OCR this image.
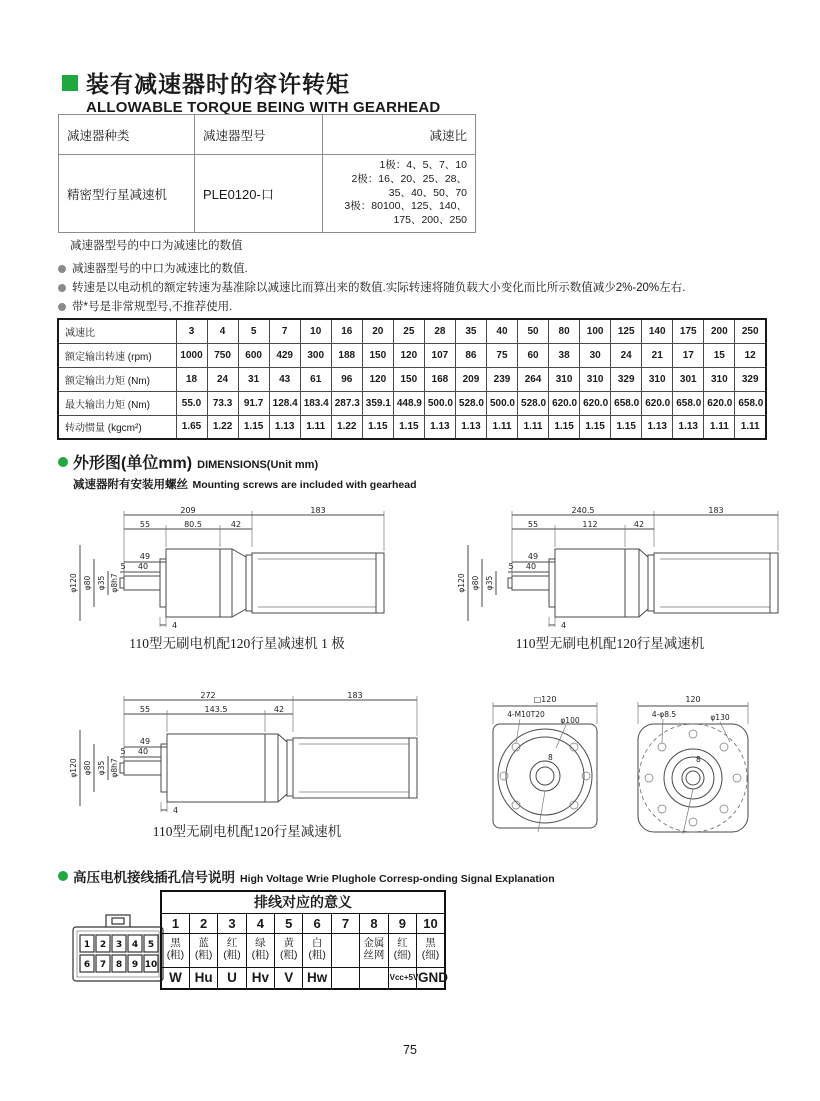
装有减速器时的容许转矩
ALLOWABLE TORQUE BEING WITH GEARHEAD
减速器种类	减速器型号	减速比
精密型行星减速机	PLE0120-口	1极：4、5、7、10
2极：16、20、25、28、
35、40、50、70
3极：80100、125、140、
175、200、250
减速器型号的中口为减速比的数值
减速器型号的中口为减速比的数值.
转速是以电动机的额定转速为基准除以减速比而算出来的数值.实际转速将随负载大小变化而比所示数值减少2%-20%左右.
带*号是非常规型号,不推荐使用.
减速比	3	4	5	7	10	16	20	25	28	35	40	50	80	100	125	140	175	200	250
额定输出转速 (rpm)	1000	750	600	429	300	188	150	120	107	86	75	60	38	30	24	21	17	15	12
额定输出力矩 (Nm)	18	24	31	43	61	96	120	150	168	209	239	264	310	310	329	310	301	310	329
最大输出力矩 (Nm)	55.0	73.3	91.7	128.4	183.4	287.3	359.1	448.9	500.0	528.0	500.0	528.0	620.0	620.0	658.0	620.0	658.0	620.0	658.0
转动惯量 (kgcm²)	1.65	1.22	1.15	1.13	1.11	1.22	1.15	1.15	1.13	1.13	1.11	1.11	1.15	1.15	1.15	1.13	1.13	1.11	1.11
外形图(单位mm) DIMENSIONS(Unit mm)
减速器附有安装用螺丝 Mounting screws are included with gearhead
209	183
55	80.5	42
49
5 40
4
φ120 φ80 φ35 φ8h7
110型无刷电机配120行星减速机 1 极
240.5	183
55	112	42
49
5 40
4
φ120 φ80 φ35
110型无刷电机配120行星减速机
272	183
55	143.5	42
49
5 40
4
φ120 φ80 φ35 φ8h7
110型无刷电机配120行星减速机
□120
4-M10T20
φ100
8
120
4-φ8.5	φ130
8
高压电机接线插孔信号说明 High Voltage Wrie Plughole Corresp-onding Signal Explanation
1 2 3 4 5
6 7 8 9 10
排线对应的意义									
1	2	3	4	5	6	7	8	9	10
黑(粗)	蓝(粗)	红(粗)	绿(粗)	黄(粗)	白(粗)		金属丝网	红(细)	黑(细)
W	Hu	U	Hv	V	Hw			Vcc+5V	GND
75
